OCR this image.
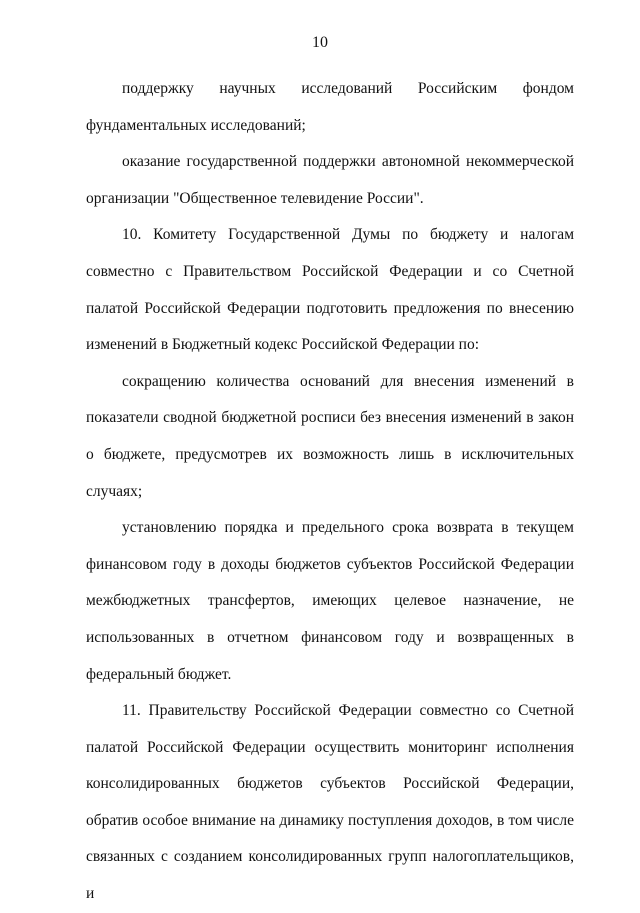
10

поддержку научных исследований Российским фондом фундаментальных исследований;

оказание государственной поддержки автономной некоммерческой организации "Общественное телевидение России".

10. Комитету Государственной Думы по бюджету и налогам совместно с Правительством Российской Федерации и со Счетной палатой Российской Федерации подготовить предложения по внесению изменений в Бюджетный кодекс Российской Федерации по:

сокращению количества оснований для внесения изменений в показатели сводной бюджетной росписи без внесения изменений в закон о бюджете, предусмотрев их возможность лишь в исключительных случаях;

установлению порядка и предельного срока возврата в текущем финансовом году в доходы бюджетов субъектов Российской Федерации межбюджетных трансфертов, имеющих целевое назначение, не использованных в отчетном финансовом году и возвращенных в федеральный бюджет.

11. Правительству Российской Федерации совместно со Счетной палатой Российской Федерации осуществить мониторинг исполнения консолидированных бюджетов субъектов Российской Федерации, обратив особое внимание на динамику поступления доходов, в том числе связанных с созданием консолидированных групп налогоплательщиков, и
